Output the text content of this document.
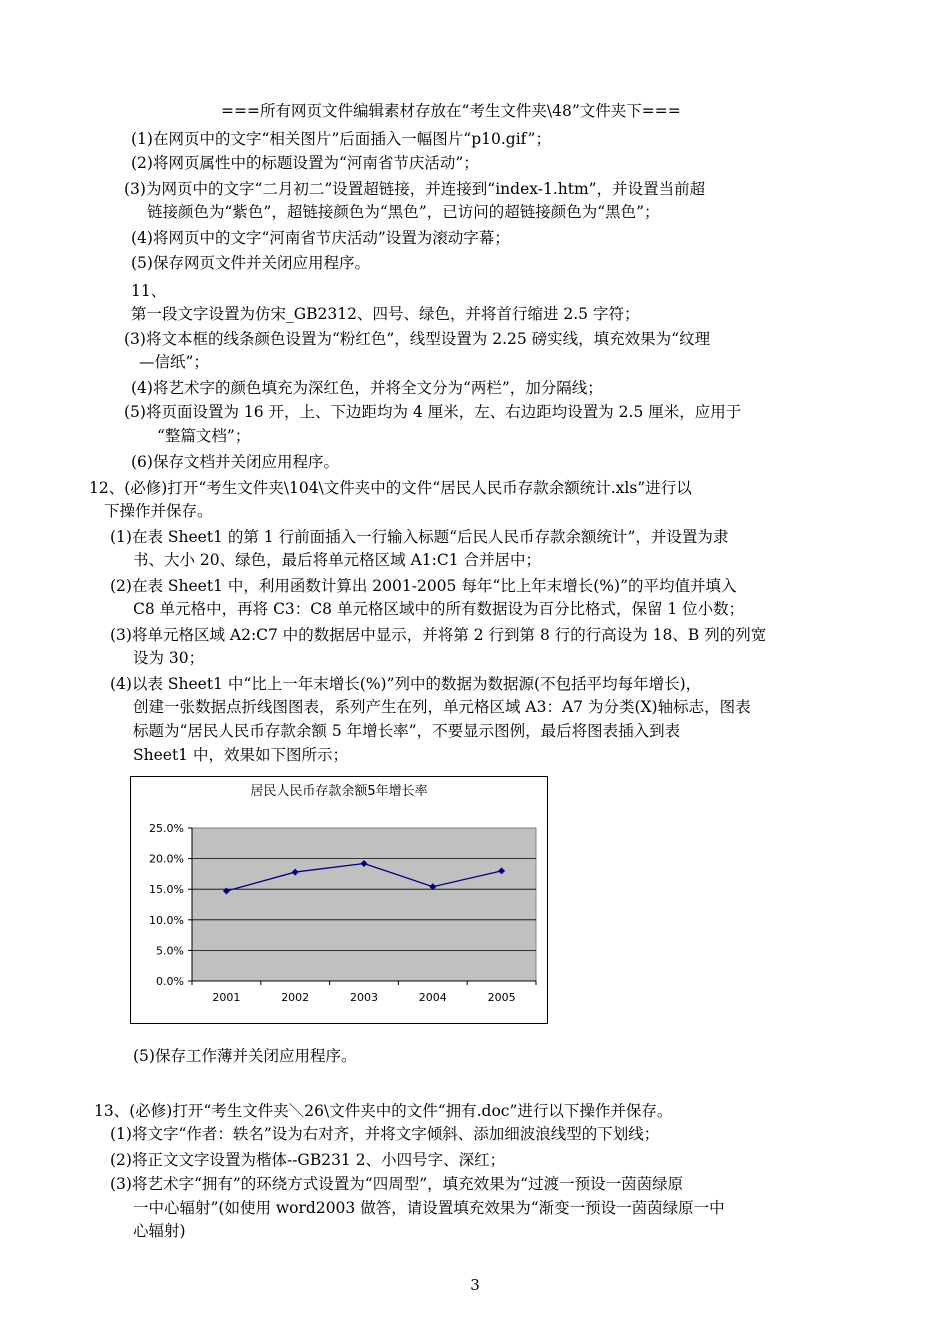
===所有网页文件编辑素材存放在“考生文件夹\48”文件夹下===
(1)在网页中的文字“相关图片”后面插入一幅图片“p10.gif”；
(2)将网页属性中的标题设置为“河南省节庆活动”；
(3)为网页中的文字“二月初二”设置超链接，并连接到“index-1.htm”，并设置当前超
链接颜色为“紫色”，超链接颜色为“黑色”，已访问的超链接颜色为“黑色”；
(4)将网页中的文字“河南省节庆活动”设置为滚动字幕；
(5)保存网页文件并关闭应用程序。
11、
第一段文字设置为仿宋_GB2312、四号、绿色，并将首行缩进 2.5 字符；
(3)将文本框的线条颜色设置为“粉红色”，线型设置为 2.25 磅实线，填充效果为“纹理
—信纸”；
(4)将艺术字的颜色填充为深红色，并将全文分为“两栏”，加分隔线；
(5)将页面设置为 16 开，上、下边距均为 4 厘米，左、右边距均设置为 2.5 厘米，应用于
“整篇文档”；
(6)保存文档并关闭应用程序。
12、(必修)打开“考生文件夹\104\文件夹中的文件“居民人民币存款余额统计.xls”进行以
下操作并保存。
(1)在表 Sheet1 的第 1 行前面插入一行输入标题“后民人民币存款余额统计”，并设置为隶
书、大小 20、绿色，最后将单元格区域 A1:C1 合并居中；
(2)在表 Sheet1 中，利用函数计算出 2001-2005 每年“比上年末增长(%)”的平均值并填入
C8 单元格中，再将 C3：C8 单元格区域中的所有数据设为百分比格式，保留 1 位小数；
(3)将单元格区域 A2:C7 中的数据居中显示，并将第 2 行到第 8 行的行高设为 18、B 列的列宽
设为 30；
(4)以表 Sheet1 中“比上一年末增长(%)”列中的数据为数据源(不包括平均每年增长)，
创建一张数据点折线图图表，系列产生在列，单元格区域 A3：A7 为分类(X)轴标志，图表
标题为“居民人民币存款余额 5 年增长率”，不要显示图例，最后将图表插入到表
Sheet1 中，效果如下图所示；
(5)保存工作薄并关闭应用程序。
13、(必修)打开“考生文件夹＼26\文件夹中的文件“拥有.doc”进行以下操作并保存。
(1)将文字“作者：轶名”设为右对齐，并将文字倾斜、添加细波浪线型的下划线；
(2)将正文文字设置为楷体--GB231 2、小四号字、深红；
(3)将艺术字“拥有”的环绕方式设置为“四周型”，填充效果为“过渡一预设一茵茵绿原
一中心辐射”(如使用 word2003 做答，请设置填充效果为“渐变一预设一茵茵绿原一中
心辐射)
居民人民币存款余额5年增长率
25.0%
20.0%
15.0%
10.0%
5.0%
0.0%
2001	2002	2003	2004	2005
3
